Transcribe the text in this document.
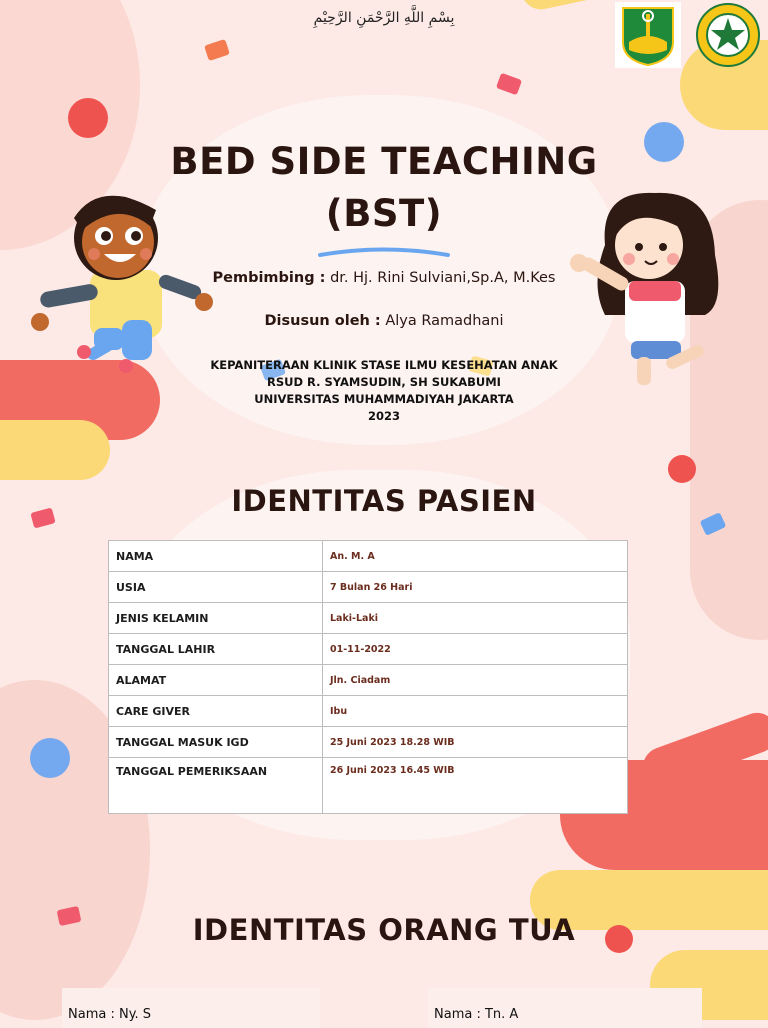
بِسْمِ اللَّهِ الرَّحْمَنِ الرَّحِيْمِ
BED SIDE TEACHING
(BST)
Pembimbing : dr. Hj. Rini Sulviani,Sp.A, M.Kes
Disusun oleh : Alya Ramadhani
KEPANITERAAN KLINIK STASE ILMU KESEHATAN ANAK
RSUD R. SYAMSUDIN, SH SUKABUMI
UNIVERSITAS MUHAMMADIYAH JAKARTA
2023
IDENTITAS PASIEN
NAMA	An. M. A
USIA	7 Bulan 26 Hari
JENIS KELAMIN	Laki-Laki
TANGGAL LAHIR	01-11-2022
ALAMAT	Jln. Ciadam
CARE GIVER	Ibu
TANGGAL MASUK IGD	25 Juni 2023 18.28 WIB
TANGGAL PEMERIKSAAN	26 Juni 2023 16.45 WIB
IDENTITAS ORANG TUA
Nama : Ny. S	Nama : Tn. A
